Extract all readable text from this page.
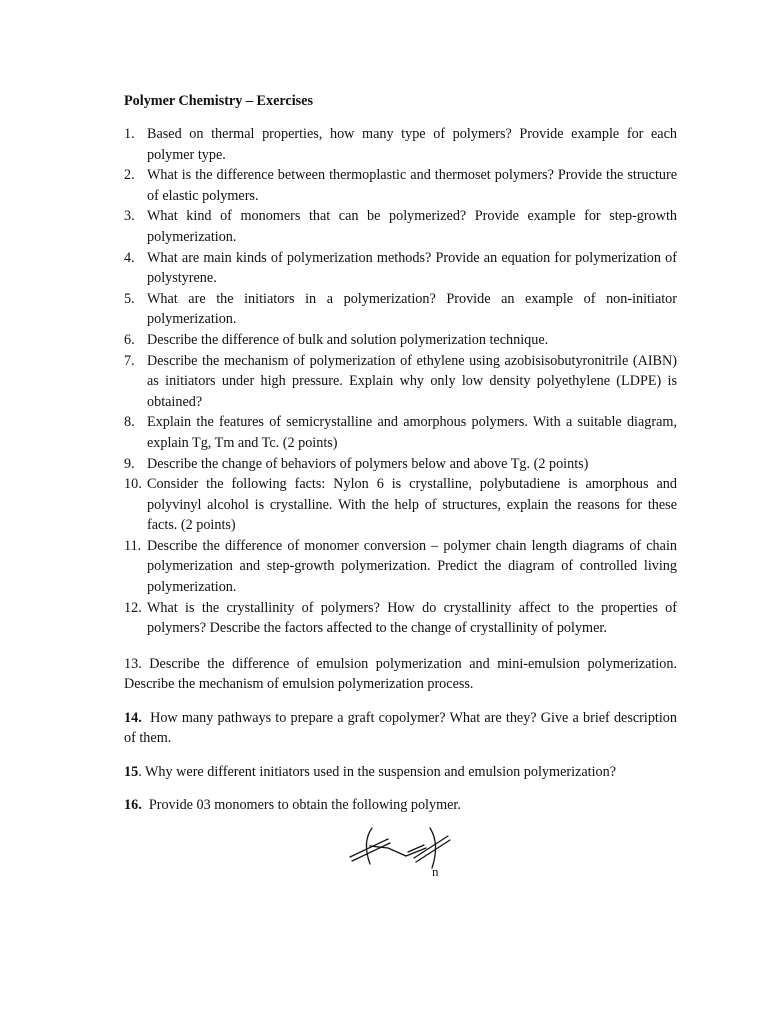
Polymer Chemistry – Exercises

1. Based on thermal properties, how many type of polymers? Provide example for each polymer type.
2. What is the difference between thermoplastic and thermoset polymers? Provide the structure of elastic polymers.
3. What kind of monomers that can be polymerized? Provide example for step-growth polymerization.
4. What are main kinds of polymerization methods? Provide an equation for polymerization of polystyrene.
5. What are the initiators in a polymerization? Provide an example of non-initiator polymerization.
6. Describe the difference of bulk and solution polymerization technique.
7. Describe the mechanism of polymerization of ethylene using azobisisobutyronitrile (AIBN) as initiators under high pressure. Explain why only low density polyethylene (LDPE) is obtained?
8. Explain the features of semicrystalline and amorphous polymers. With a suitable diagram, explain Tg, Tm and Tc. (2 points)
9. Describe the change of behaviors of polymers below and above Tg. (2 points)
10. Consider the following facts: Nylon 6 is crystalline, polybutadiene is amorphous and polyvinyl alcohol is crystalline. With the help of structures, explain the reasons for these facts. (2 points)
11. Describe the difference of monomer conversion – polymer chain length diagrams of chain polymerization and step-growth polymerization. Predict the diagram of controlled living polymerization.
12. What is the crystallinity of polymers? How do crystallinity affect to the properties of polymers? Describe the factors affected to the change of crystallinity of polymer.

13. Describe the difference of emulsion polymerization and mini-emulsion polymerization. Describe the mechanism of emulsion polymerization process.

14. How many pathways to prepare a graft copolymer? What are they? Give a brief description of them.

15. Why were different initiators used in the suspension and emulsion polymerization?

16. Provide 03 monomers to obtain the following polymer.

n
